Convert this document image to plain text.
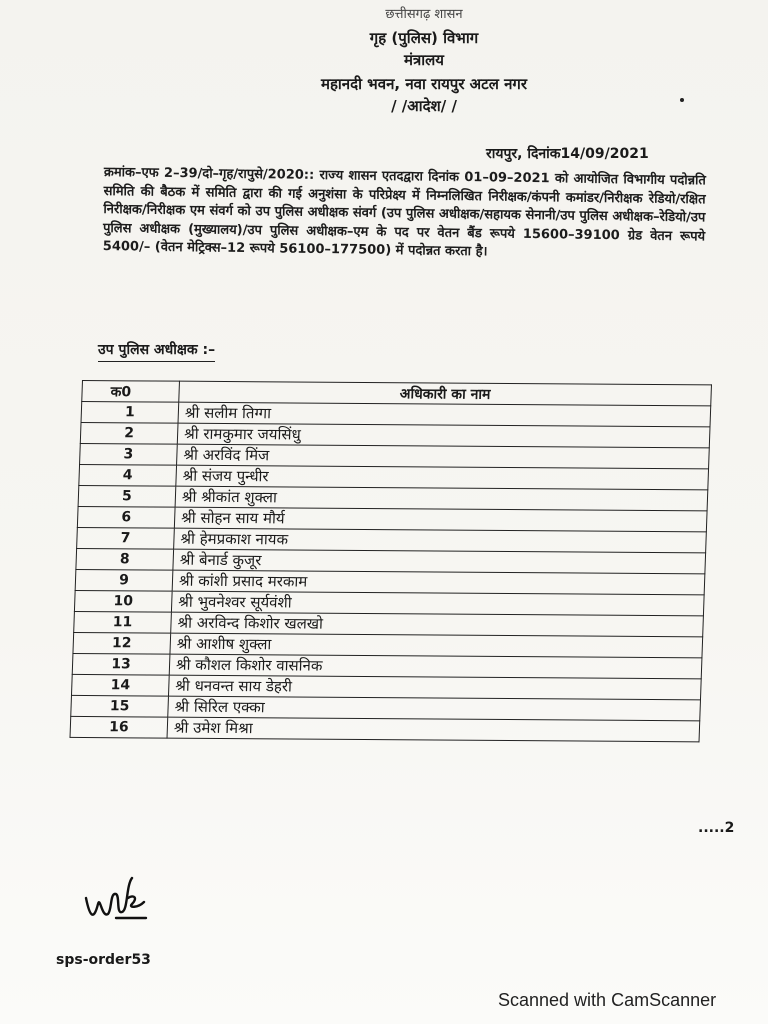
छत्तीसगढ़ शासन
गृह (पुलिस) विभाग
मंत्रालय
महानदी भवन, नवा रायपुर अटल नगर
/ /आदेश/ /
रायपुर, दिनांक14/09/2021
क्रमांक–एफ 2–39/दो–गृह/रापुसे/2020:: राज्य शासन एतदद्वारा दिनांक 01–09–2021 को आयोजित विभागीय पदोन्नति समिति की बैठक में समिति द्वारा की गई अनुशंसा के परिप्रेक्ष्य में निम्नलिखित निरीक्षक/कंपनी कमांडर/निरीक्षक रेडियो/रक्षित निरीक्षक/निरीक्षक एम संवर्ग को उप पुलिस अधीक्षक संवर्ग (उप पुलिस अधीक्षक/सहायक सेनानी/उप पुलिस अधीक्षक–रेडियो/उप पुलिस अधीक्षक (मुख्यालय)/उप पुलिस अधीक्षक–एम के पद पर वेतन बैंड रूपये 15600–39100 ग्रेड वेतन रूपये 5400/– (वेतन मेट्रिक्स–12 रूपये 56100–177500) में पदोन्नत करता है।
उप पुलिस अधीक्षक :–
क0	अधिकारी का नाम
1	श्री सलीम तिग्गा
2	श्री रामकुमार जयसिंधु
3	श्री अरविंद मिंज
4	श्री संजय पुन्धीर
5	श्री श्रीकांत शुक्ला
6	श्री सोहन साय मौर्य
7	श्री हेमप्रकाश नायक
8	श्री बेनार्ड कुजूर
9	श्री कांशी प्रसाद मरकाम
10	श्री भुवनेश्वर सूर्यवंशी
11	श्री अरविन्द किशोर खलखो
12	श्री आशीष शुक्ला
13	श्री कौशल किशोर वासनिक
14	श्री धनवन्त साय डेहरी
15	श्री सिरिल एक्का
16	श्री उमेश मिश्रा
.....2
sps-order53
Scanned with CamScanner
